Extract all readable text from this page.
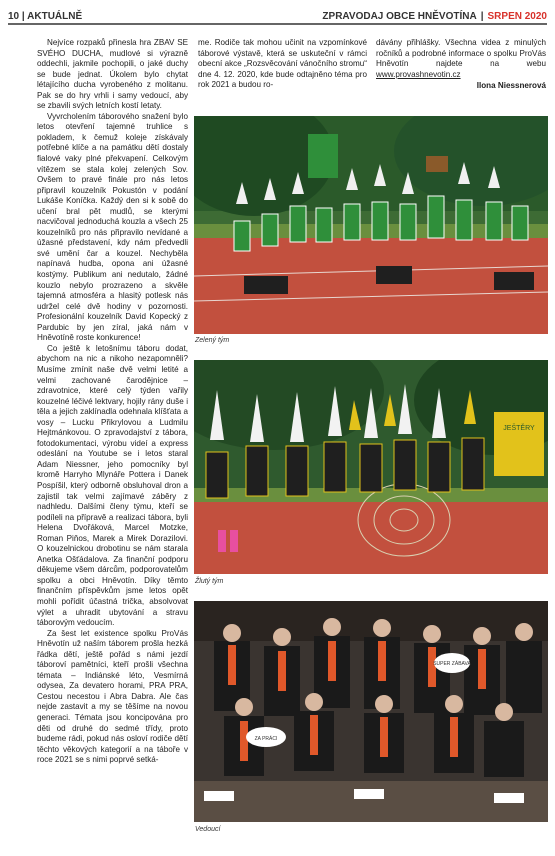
10 | AKTUÁLNĚ	ZPRAVODAJ OBCE HNĚVOTÍNA | SRPEN 2020

Nejvíce rozpaků přinesla hra ZBAV SE SVÉHO DUCHA, mudlové si výrazně oddechli, jakmile pochopili, o jaké duchy se bude jednat. Úkolem bylo chytat létajícího ducha vyrobeného z molitanu. Pak se do hry vrhli i samy vedoucí, aby se zbavili svých letních kostí letaty.

Vyvrcholením táborového snažení bylo letos otevření tajemné truhlice s pokladem, k čemuž koleje získávaly potřebné klíče a na památku dětí dostaly fialové vaky plné překvapení. Celkovým vítězem se stala kolej zelených Sov. Ovšem to pravé finále pro nás letos připravil kouzelník Pokustón v podání Lukáše Koníčka. Každý den si k sobě do učení bral pět mudlů, se kterými nacvičoval jednoduchá kouzla a všech 25 kouzelníků pro nás připravilo nevídané a úžasné představení, kdy nám předvedli své umění čar a kouzel. Nechyběla napínavá hudba, opona ani úžasné kostýmy. Publikum ani nedutalo, žádné kouzlo nebylo prozrazeno a skvěle tajemná atmosféra a hlasitý potlesk nás udržel celé dvě hodiny v pozornosti. Profesionální kouzelník David Kopecký z Pardubic by jen zíral, jaká nám v Hněvotíně roste konkurence!

Co ještě k letošnímu táboru dodat, abychom na nic a nikoho nezapomněli? Musíme zmínit naše dvě velmi letité a velmi zachované čarodějnice – zdravotnice, které celý týden vařily kouzelné léčivé lektvary, hojily rány duše i těla a jejich zaklínadla odehnala klíšťata a vosy – Lucku Přikrylovou a Ludmilu Hejtmánkovou. O zpravodajství z tábora, fotodokumentaci, výrobu videí a express odeslání na Youtube se i letos staral Adam Niessner, jeho pomocníky byl kromě Harryho Mlynáře Pottera i Danek Pospíšil, který odborně obsluhoval dron a zajistil tak velmi zajímavé záběry z nadhledu. Dalšími členy týmu, kteří se podíleli na přípravě a realizaci tábora, byli Helena Dvořáková, Marcel Motzke, Roman Piňos, Marek a Mirek Dorazilovi. O kouzelnickou drobotinu se nám starala Anetka Ošťádalova. Za finanční podporu děkujeme všem dárcům, podporovatelům spolku a obci Hněvotín. Díky těmto finančním příspěvkům jsme letos opět mohli pořídit účastná trička, absolvovat výlet a uhradit ubytování a stravu táborovým vedoucím.

Za šest let existence spolku ProVás Hněvotín už naším táborem prošla hezká řádka dětí, ještě pořád s námi jezdí táboroví pamětníci, kteří prošli všechna témata – Indiánské léto, Vesmírná odysea, Za devatero horami, PRA PRA, Cestou necestou i Abra Dabra. Ale čas nejde zastavit a my se těšíme na novou generaci. Témata jsou koncipována pro děti od druhé do sedmé třídy, proto budeme rádi, pokud nás osloví rodiče dětí těchto věkových kategorií a na táboře v roce 2021 se s nimi poprvé setká-

me. Rodiče tak mohou učinit na vzpomínkové táborové výstavě, která se uskuteční v rámci obecní akce „Rozsvěcování vánočního stromu“ dne 4. 12. 2020, kde bude odtajněno téma pro rok 2021 a budou ro-

dávány přihlášky. Všechna videa z minulých ročníků a podrobné informace o spolku ProVás Hněvotín najdete na webu www.provashnevotin.cz

Ilona Niessnerová
Zelený tým
JEŠTĚRY
Žlutý tým
ZA PRÁCI
SUPER ZÁBAVA
Vedoucí
